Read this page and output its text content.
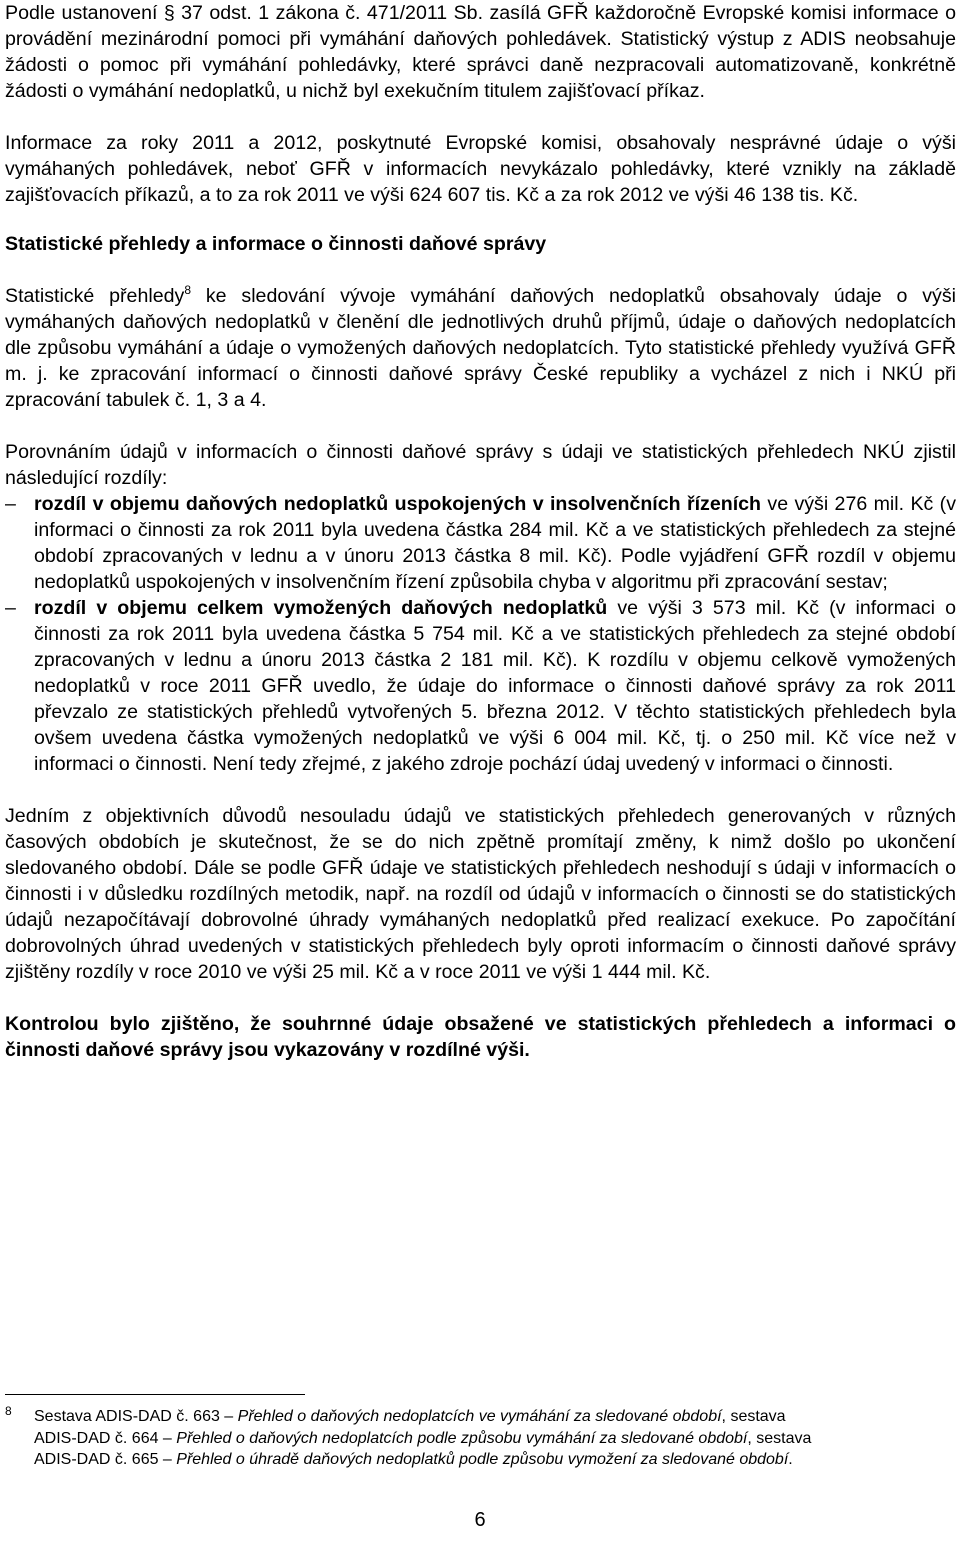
Podle ustanovení § 37 odst. 1 zákona č. 471/2011 Sb. zasílá GFŘ každoročně Evropské komisi informace o provádění mezinárodní pomoci při vymáhání daňových pohledávek. Statistický výstup z ADIS neobsahuje žádosti o pomoc při vymáhání pohledávky, které správci daně nezpracovali automatizovaně, konkrétně žádosti o vymáhání nedoplatků, u nichž byl exekučním titulem zajišťovací příkaz.

Informace za roky 2011 a 2012, poskytnuté Evropské komisi, obsahovaly nesprávné údaje o výši vymáhaných pohledávek, neboť GFŘ v informacích nevykázalo pohledávky, které vznikly na základě zajišťovacích příkazů, a to za rok 2011 ve výši 624 607 tis. Kč a za rok 2012 ve výši 46 138 tis. Kč.

Statistické přehledy a informace o činnosti daňové správy

Statistické přehledy$^8$ ke sledování vývoje vymáhání daňových nedoplatků obsahovaly údaje o výši vymáhaných daňových nedoplatků v členění dle jednotlivých druhů příjmů, údaje o daňových nedoplatcích dle způsobu vymáhání a údaje o vymožených daňových nedoplatcích. Tyto statistické přehledy využívá GFŘ m. j. ke zpracování informací o činnosti daňové správy České republiky a vycházel z nich i NKÚ při zpracování tabulek č. 1, 3 a 4.

Porovnáním údajů v informacích o činnosti daňové správy s údaji ve statistických přehledech NKÚ zjistil následující rozdíly:

– rozdíl v objemu daňových nedoplatků uspokojených v insolvenčních řízeních ve výši 276 mil. Kč (v informaci o činnosti za rok 2011 byla uvedena částka 284 mil. Kč a ve statistických přehledech za stejné období zpracovaných v lednu a v únoru 2013 částka 8 mil. Kč). Podle vyjádření GFŘ rozdíl v objemu nedoplatků uspokojených v insolvenčním řízení způsobila chyba v algoritmu při zpracování sestav;
– rozdíl v objemu celkem vymožených daňových nedoplatků ve výši 3 573 mil. Kč (v informaci o činnosti za rok 2011 byla uvedena částka 5 754 mil. Kč a ve statistických přehledech za stejné období zpracovaných v lednu a únoru 2013 částka 2 181 mil. Kč). K rozdílu v objemu celkově vymožených nedoplatků v roce 2011 GFŘ uvedlo, že údaje do informace o činnosti daňové správy za rok 2011 převzalo ze statistických přehledů vytvořených 5. března 2012. V těchto statistických přehledech byla ovšem uvedena částka vymožených nedoplatků ve výši 6 004 mil. Kč, tj. o 250 mil. Kč více než v informaci o činnosti. Není tedy zřejmé, z jakého zdroje pochází údaj uvedený v informaci o činnosti.

Jedním z objektivních důvodů nesouladu údajů ve statistických přehledech generovaných v různých časových obdobích je skutečnost, že se do nich zpětně promítají změny, k nimž došlo po ukončení sledovaného období. Dále se podle GFŘ údaje ve statistických přehledech neshodují s údaji v informacích o činnosti i v důsledku rozdílných metodik, např. na rozdíl od údajů v informacích o činnosti se do statistických údajů nezapočítávají dobrovolné úhrady vymáhaných nedoplatků před realizací exekuce. Po započítání dobrovolných úhrad uvedených v statistických přehledech byly oproti informacím o činnosti daňové správy zjištěny rozdíly v roce 2010 ve výši 25 mil. Kč a v roce 2011 ve výši 1 444 mil. Kč.

Kontrolou bylo zjištěno, že souhrnné údaje obsažené ve statistických přehledech a informaci o činnosti daňové správy jsou vykazovány v rozdílné výši.

8 Sestava ADIS-DAD č. 663 – Přehled o daňových nedoplatcích ve vymáhání za sledované období, sestava
ADIS-DAD č. 664 – Přehled o daňových nedoplatcích podle způsobu vymáhání za sledované období, sestava
ADIS-DAD č. 665 – Přehled o úhradě daňových nedoplatků podle způsobu vymožení za sledované období.
6
